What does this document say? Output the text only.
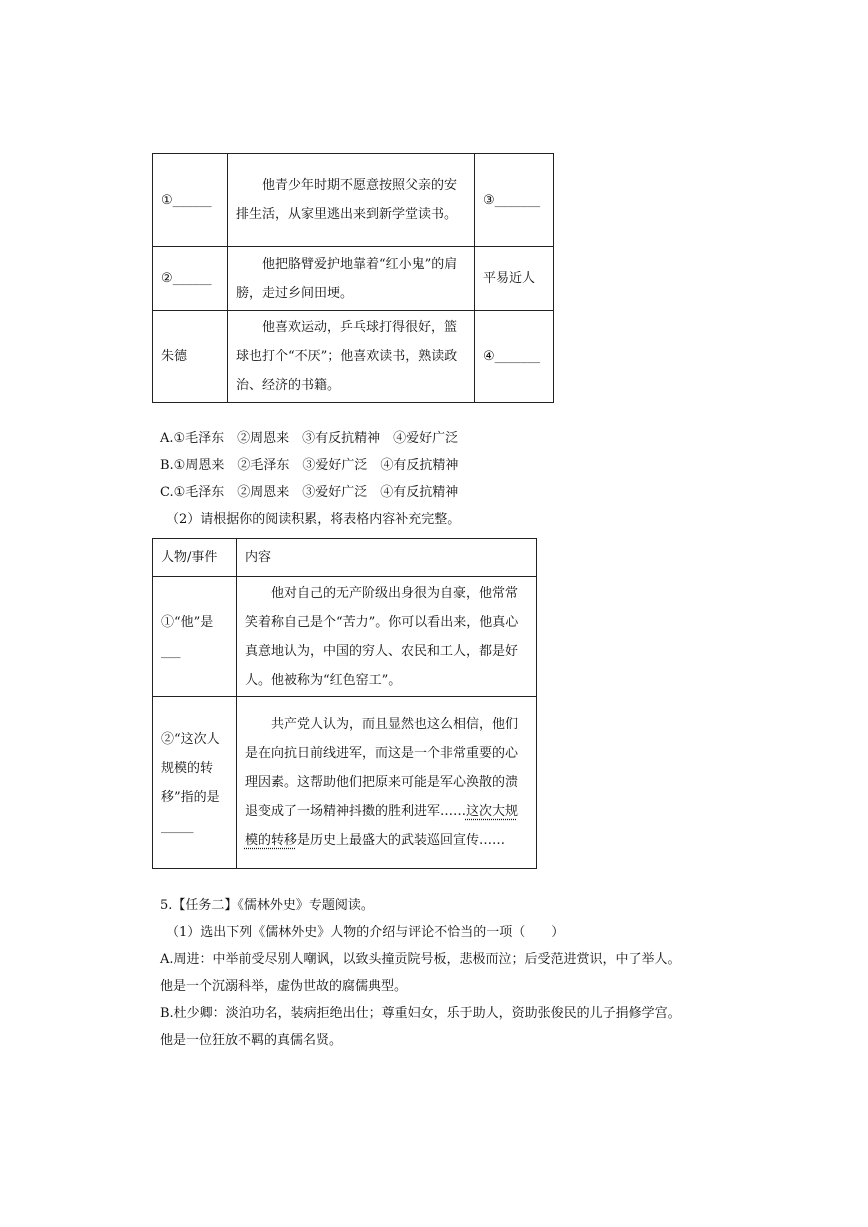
①______	他青少年时期不愿意按照父亲的安排生活，从家里逃出来到新学堂读书。	③_______
②______	他把胳臂爱护地靠着“红小鬼”的肩膀，走过乡间田埂。	平易近人
朱德	他喜欢运动，乒乓球打得很好，篮球也打个“不厌”；他喜欢读书，熟读政治、经济的书籍。	④_______
A.①毛泽东　②周恩来　③有反抗精神　④爱好广泛
B.①周恩来　②毛泽东　③爱好广泛　④有反抗精神
C.①毛泽东　②周恩来　③爱好广泛　④有反抗精神
（2）请根据你的阅读积累，将表格内容补充完整。
人物/事件	内容
①“他”是___	他对自己的无产阶级出身很为自豪，他常常笑着称自己是个“苦力”。你可以看出来，他真心真意地认为，中国的穷人、农民和工人，都是好人。他被称为“红色窑工”。

②“这次人规模的转移”指的是_____	共产党人认为，而且显然也这么相信，他们是在向抗日前线进军，而这是一个非常重要的心理因素。这帮助他们把原来可能是军心涣散的溃退变成了一场精神抖擞的胜利进军……这次大规模的转移是历史上最盛大的武装巡回宣传……
5.【任务二】《儒林外史》专题阅读。
（1）选出下列《儒林外史》人物的介绍与评论不恰当的一项（　　）
A.周进：中举前受尽别人嘲讽，以致头撞贡院号板，悲极而泣；后受范进赏识，中了举人。
他是一个沉溺科举，虚伪世故的腐儒典型。
B.杜少卿：淡泊功名，装病拒绝出仕；尊重妇女，乐于助人，资助张俊民的儿子捐修学宫。
他是一位狂放不羁的真儒名贤。
